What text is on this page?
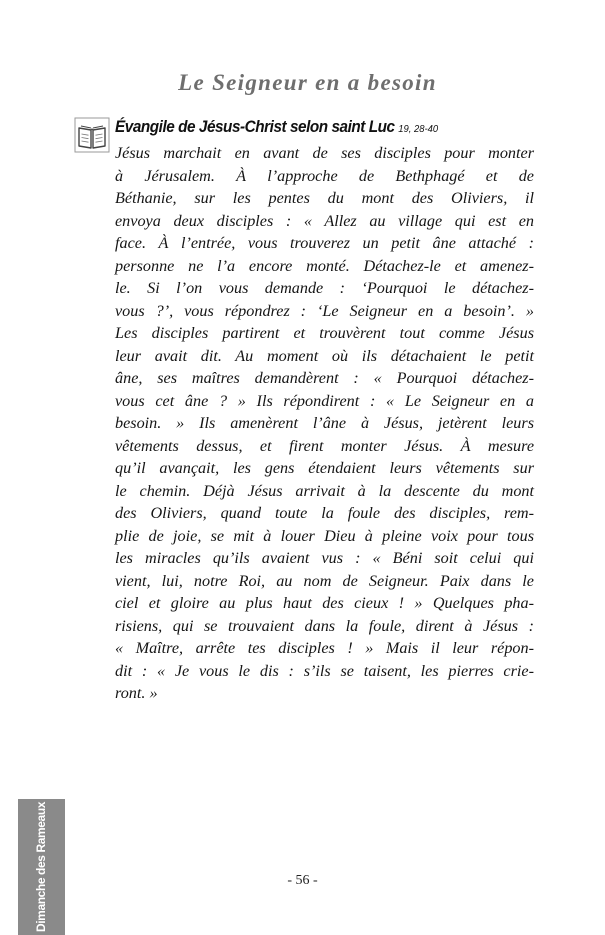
Le Seigneur en a besoin
Évangile de Jésus-Christ selon saint Luc 19, 28-40
Jésus marchait en avant de ses disciples pour monter
à Jérusalem. À l’approche de Bethphagé et de
Béthanie, sur les pentes du mont des Oliviers, il
envoya deux disciples : « Allez au village qui est en
face. À l’entrée, vous trouverez un petit âne attaché :
personne ne l’a encore monté. Détachez-le et amenez-
le. Si l’on vous demande : ‘Pourquoi le détachez-
vous ?’, vous répondrez : ‘Le Seigneur en a besoin’. »
Les disciples partirent et trouvèrent tout comme Jésus
leur avait dit. Au moment où ils détachaient le petit
âne, ses maîtres demandèrent : « Pourquoi détachez-
vous cet âne ? » Ils répondirent : « Le Seigneur en a
besoin. » Ils amenèrent l’âne à Jésus, jetèrent leurs
vêtements dessus, et firent monter Jésus. À mesure
qu’il avançait, les gens étendaient leurs vêtements sur
le chemin. Déjà Jésus arrivait à la descente du mont
des Oliviers, quand toute la foule des disciples, rem-
plie de joie, se mit à louer Dieu à pleine voix pour tous
les miracles qu’ils avaient vus : « Béni soit celui qui
vient, lui, notre Roi, au nom de Seigneur. Paix dans le
ciel et gloire au plus haut des cieux ! » Quelques pha-
risiens, qui se trouvaient dans la foule, dirent à Jésus :
« Maître, arrête tes disciples ! » Mais il leur répon-
dit : « Je vous le dis : s’ils se taisent, les pierres crie-
ront. »
Dimanche des Rameaux	- 56 -
